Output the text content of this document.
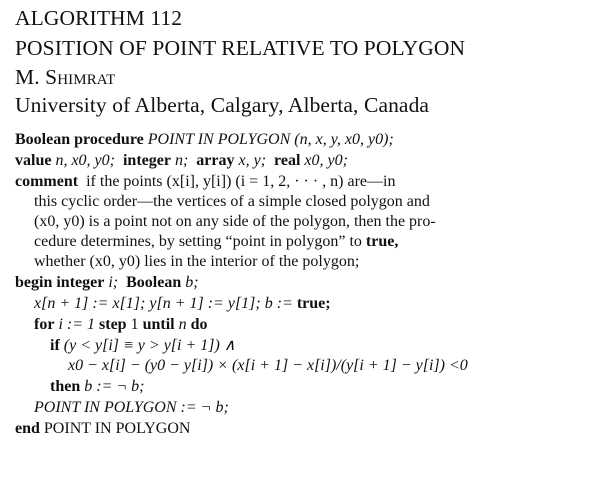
ALGORITHM 112
POSITION OF POINT RELATIVE TO POLYGON
M. Shimrat
University of Alberta, Calgary, Alberta, Canada
Boolean procedure POINT IN POLYGON (n, x, y, x0, y0);
value n, x0, y0; integer n; array x, y; real x0, y0;
comment if the points (x[i], y[i]) (i = 1, 2, · · · , n) are—in
this cyclic order—the vertices of a simple closed polygon and
(x0, y0) is a point not on any side of the polygon, then the pro-
cedure determines, by setting “point in polygon” to true,
whether (x0, y0) lies in the interior of the polygon;
begin integer i; Boolean b;
x[n + 1] := x[1]; y[n + 1] := y[1]; b := true;
for i := 1 step 1 until n do
if (y < y[i] ≡ y > y[i + 1]) ∧
x0 − x[i] − (y0 − y[i]) × (x[i + 1] − x[i])/(y[i + 1] − y[i]) <0
then b := ¬ b;
POINT IN POLYGON := ¬ b;
end POINT IN POLYGON
